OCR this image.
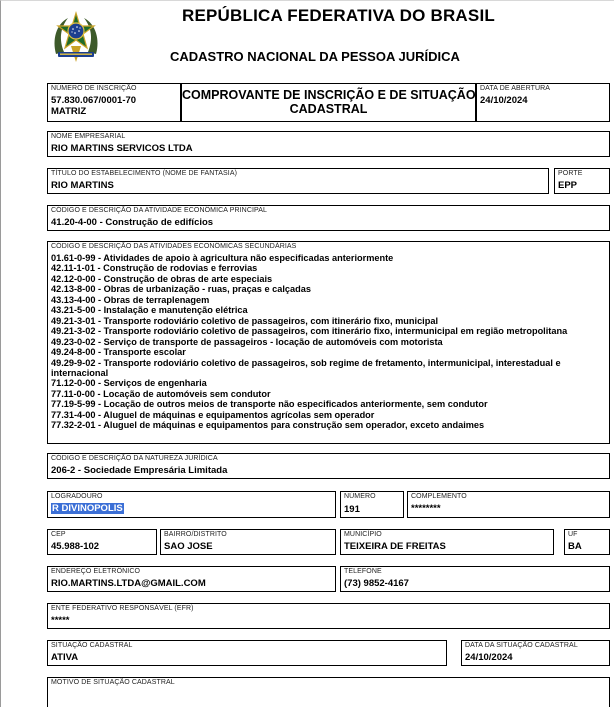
REPÚBLICA FEDERATIVA DO BRASIL
CADASTRO NACIONAL DA PESSOA JURÍDICA
NÚMERO DE INSCRIÇÃO
57.830.067/0001-70
MATRIZ
COMPROVANTE DE INSCRIÇÃO E DE SITUAÇÃO
CADASTRAL
DATA DE ABERTURA
24/10/2024
NOME EMPRESARIAL
RIO MARTINS SERVICOS LTDA
TÍTULO DO ESTABELECIMENTO (NOME DE FANTASIA)
RIO MARTINS
PORTE
EPP
CÓDIGO E DESCRIÇÃO DA ATIVIDADE ECONÔMICA PRINCIPAL
41.20-4-00 - Construção de edifícios
CÓDIGO E DESCRIÇÃO DAS ATIVIDADES ECONÔMICAS SECUNDÁRIAS
01.61-0-99 - Atividades de apoio à agricultura não especificadas anteriormente
42.11-1-01 - Construção de rodovias e ferrovias
42.12-0-00 - Construção de obras de arte especiais
42.13-8-00 - Obras de urbanização - ruas, praças e calçadas
43.13-4-00 - Obras de terraplenagem
43.21-5-00 - Instalação e manutenção elétrica
49.21-3-01 - Transporte rodoviário coletivo de passageiros, com itinerário fixo, municipal
49.21-3-02 - Transporte rodoviário coletivo de passageiros, com itinerário fixo, intermunicipal em região metropolitana
49.23-0-02 - Serviço de transporte de passageiros - locação de automóveis com motorista
49.24-8-00 - Transporte escolar
49.29-9-02 - Transporte rodoviário coletivo de passageiros, sob regime de fretamento, intermunicipal, interestadual e
internacional
71.12-0-00 - Serviços de engenharia
77.11-0-00 - Locação de automóveis sem condutor
77.19-5-99 - Locação de outros meios de transporte não especificados anteriormente, sem condutor
77.31-4-00 - Aluguel de máquinas e equipamentos agrícolas sem operador
77.32-2-01 - Aluguel de máquinas e equipamentos para construção sem operador, exceto andaimes
CÓDIGO E DESCRIÇÃO DA NATUREZA JURÍDICA
206-2 - Sociedade Empresária Limitada
LOGRADOURO
R DIVINOPOLIS
NÚMERO
191
COMPLEMENTO
********
CEP
45.988-102
BAIRRO/DISTRITO
SAO JOSE
MUNICÍPIO
TEIXEIRA DE FREITAS
UF
BA
ENDEREÇO ELETRÔNICO
RIO.MARTINS.LTDA@GMAIL.COM
TELEFONE
(73) 9852-4167
ENTE FEDERATIVO RESPONSÁVEL (EFR)
*****
SITUAÇÃO CADASTRAL
ATIVA
DATA DA SITUAÇÃO CADASTRAL
24/10/2024
MOTIVO DE SITUAÇÃO CADASTRAL
